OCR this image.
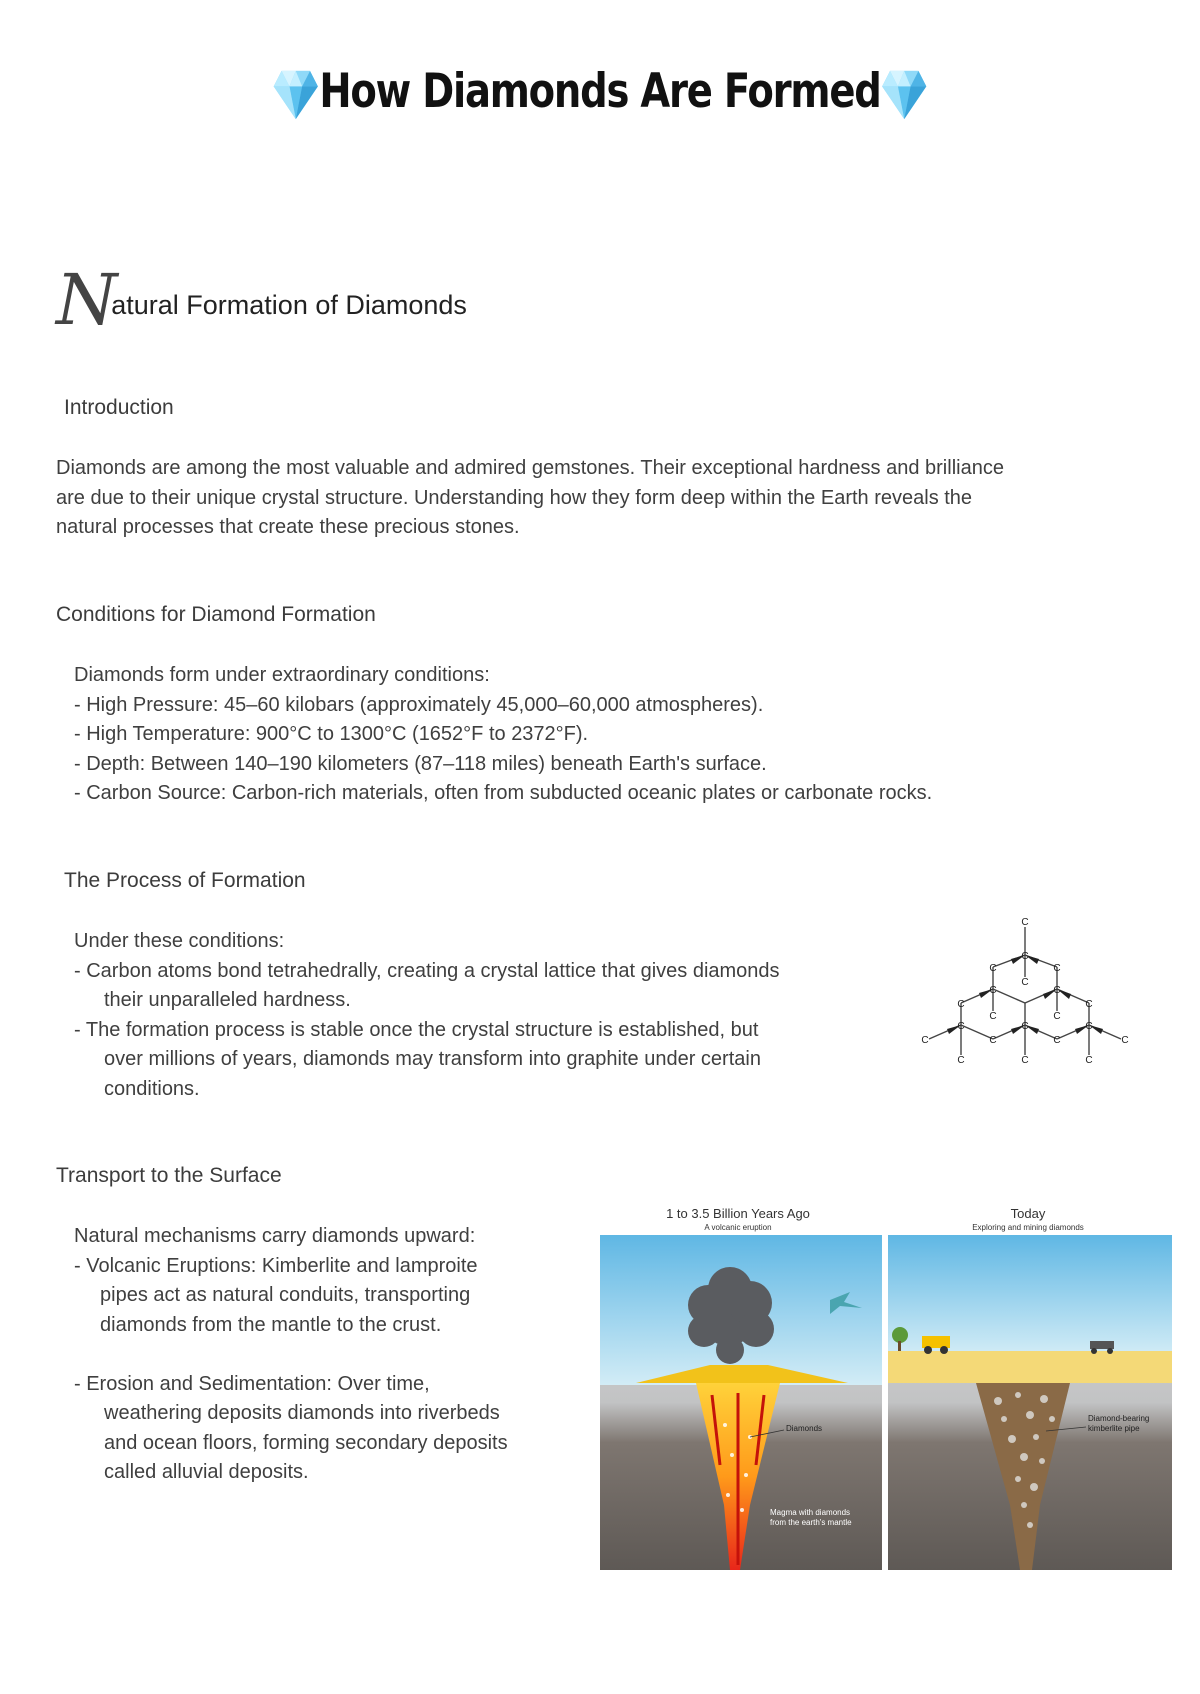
How Diamonds Are Formed
Natural Formation of Diamonds
Introduction
Diamonds are among the most valuable and admired gemstones. Their exceptional hardness and brilliance
are due to their unique crystal structure. Understanding how they form deep within the Earth reveals the
natural processes that create these precious stones.
Conditions for Diamond Formation
Diamonds form under extraordinary conditions:
- High Pressure: 45–60 kilobars (approximately 45,000–60,000 atmospheres).
- High Temperature: 900°C to 1300°C (1652°F to 2372°F).
- Depth: Between 140–190 kilometers (87–118 miles) beneath Earth's surface.
- Carbon Source: Carbon-rich materials, often from subducted oceanic plates or carbonate rocks.
The Process of Formation
Under these conditions:
- Carbon atoms bond tetrahedrally, creating a crystal lattice that gives diamonds
their unparalleled hardness.
- The formation process is stable once the crystal structure is established, but
over millions of years, diamonds may transform into graphite under certain
conditions.
C
C
C	C
C
C	C
C	C
C	C
C	C	C
C	C	C	C
C	C	C
Transport to the Surface
Natural mechanisms carry diamonds upward:
- Volcanic Eruptions: Kimberlite and lamproite
pipes act as natural conduits, transporting
diamonds from the mantle to the crust.
- Erosion and Sedimentation: Over time,
weathering deposits diamonds into riverbeds
and ocean floors, forming secondary deposits
called alluvial deposits.
1 to 3.5 Billion Years Ago
A volcanic eruption
Today
Exploring and mining diamonds
Diamonds
Magma with diamonds
from the earth's mantle
Diamond-bearing
kimberlite pipe
